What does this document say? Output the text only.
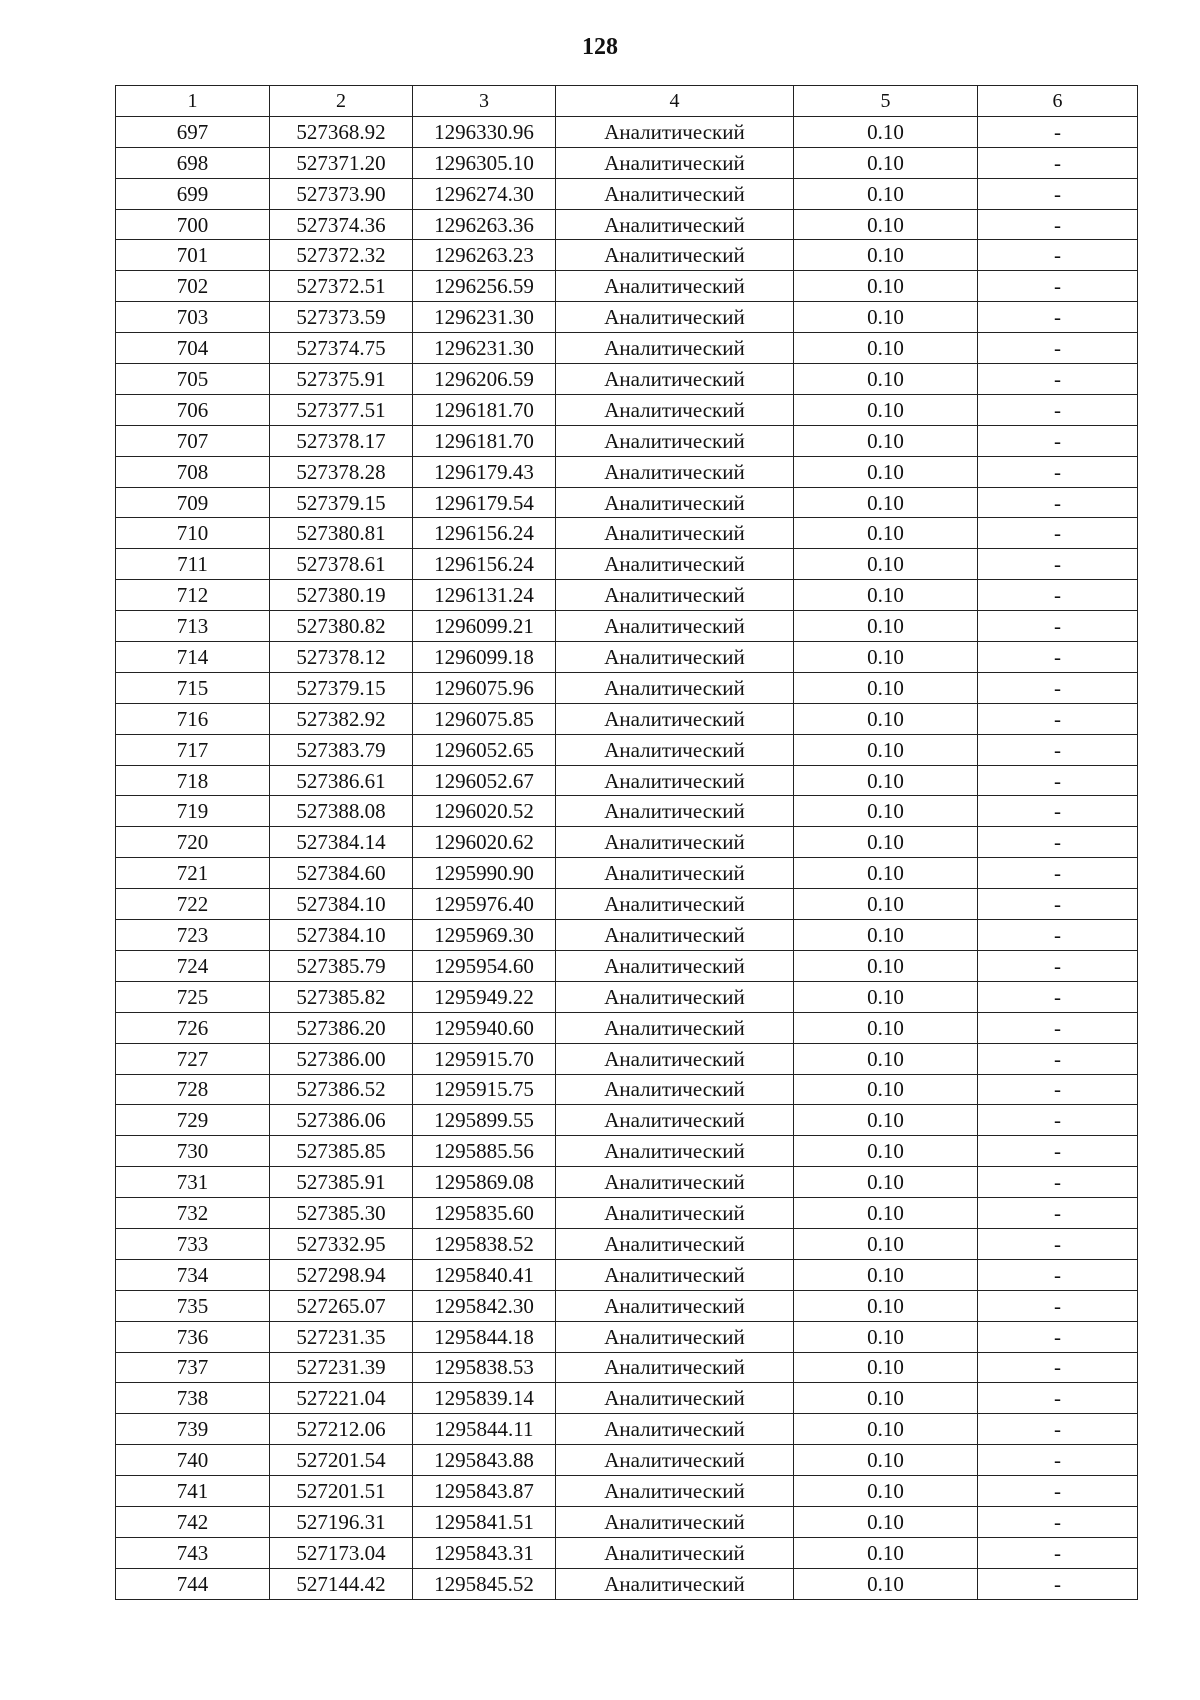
128
1	2	3	4	5	6
697	527368.92	1296330.96	Аналитический	0.10	-
698	527371.20	1296305.10	Аналитический	0.10	-
699	527373.90	1296274.30	Аналитический	0.10	-
700	527374.36	1296263.36	Аналитический	0.10	-
701	527372.32	1296263.23	Аналитический	0.10	-
702	527372.51	1296256.59	Аналитический	0.10	-
703	527373.59	1296231.30	Аналитический	0.10	-
704	527374.75	1296231.30	Аналитический	0.10	-
705	527375.91	1296206.59	Аналитический	0.10	-
706	527377.51	1296181.70	Аналитический	0.10	-
707	527378.17	1296181.70	Аналитический	0.10	-
708	527378.28	1296179.43	Аналитический	0.10	-
709	527379.15	1296179.54	Аналитический	0.10	-
710	527380.81	1296156.24	Аналитический	0.10	-
711	527378.61	1296156.24	Аналитический	0.10	-
712	527380.19	1296131.24	Аналитический	0.10	-
713	527380.82	1296099.21	Аналитический	0.10	-
714	527378.12	1296099.18	Аналитический	0.10	-
715	527379.15	1296075.96	Аналитический	0.10	-
716	527382.92	1296075.85	Аналитический	0.10	-
717	527383.79	1296052.65	Аналитический	0.10	-
718	527386.61	1296052.67	Аналитический	0.10	-
719	527388.08	1296020.52	Аналитический	0.10	-
720	527384.14	1296020.62	Аналитический	0.10	-
721	527384.60	1295990.90	Аналитический	0.10	-
722	527384.10	1295976.40	Аналитический	0.10	-
723	527384.10	1295969.30	Аналитический	0.10	-
724	527385.79	1295954.60	Аналитический	0.10	-
725	527385.82	1295949.22	Аналитический	0.10	-
726	527386.20	1295940.60	Аналитический	0.10	-
727	527386.00	1295915.70	Аналитический	0.10	-
728	527386.52	1295915.75	Аналитический	0.10	-
729	527386.06	1295899.55	Аналитический	0.10	-
730	527385.85	1295885.56	Аналитический	0.10	-
731	527385.91	1295869.08	Аналитический	0.10	-
732	527385.30	1295835.60	Аналитический	0.10	-
733	527332.95	1295838.52	Аналитический	0.10	-
734	527298.94	1295840.41	Аналитический	0.10	-
735	527265.07	1295842.30	Аналитический	0.10	-
736	527231.35	1295844.18	Аналитический	0.10	-
737	527231.39	1295838.53	Аналитический	0.10	-
738	527221.04	1295839.14	Аналитический	0.10	-
739	527212.06	1295844.11	Аналитический	0.10	-
740	527201.54	1295843.88	Аналитический	0.10	-
741	527201.51	1295843.87	Аналитический	0.10	-
742	527196.31	1295841.51	Аналитический	0.10	-
743	527173.04	1295843.31	Аналитический	0.10	-
744	527144.42	1295845.52	Аналитический	0.10	-
